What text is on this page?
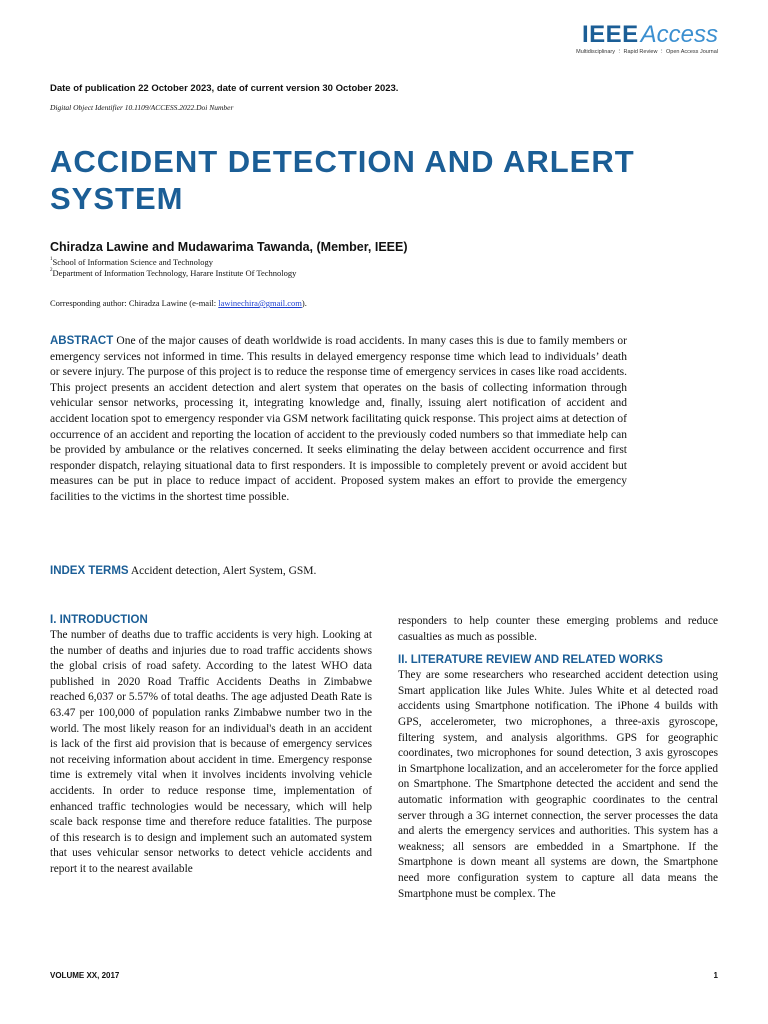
IEEEAccess
Multidisciplinary ⋮ Rapid Review ⋮ Open Access Journal
Date of publication 22 October 2023, date of current version 30 October 2023.
Digital Object Identifier 10.1109/ACCESS.2022.Doi Number
ACCIDENT DETECTION AND ARLERT SYSTEM
Chiradza Lawine and Mudawarima Tawanda, (Member, IEEE)
$^1$School of Information Science and Technology
$^2$Department of Information Technology, Harare Institute Of Technology
Corresponding author: Chiradza Lawine (e-mail: lawinechira@gmail.com).

ABSTRACT One of the major causes of death worldwide is road accidents. In many cases this is due to family members or emergency services not informed in time. This results in delayed emergency response time which lead to individuals’ death or severe injury. The purpose of this project is to reduce the response time of emergency services in cases like road accidents. This project presents an accident detection and alert system that operates on the basis of collecting information through vehicular sensor networks, processing it, integrating knowledge and, finally, issuing alert notification of accident and accident location spot to emergency responder via GSM network facilitating quick response. This project aims at detection of occurrence of an accident and reporting the location of accident to the previously coded numbers so that immediate help can be provided by ambulance or the relatives concerned. It seeks eliminating the delay between accident occurrence and first responder dispatch, relaying situational data to first responders. It is impossible to completely prevent or avoid accident but measures can be put in place to reduce impact of accident. Proposed system makes an effort to provide the emergency facilities to the victims in the shortest time possible.

INDEX TERMS Accident detection, Alert System, GSM.
I. INTRODUCTION

The number of deaths due to traffic accidents is very high. Looking at the number of deaths and injuries due to road traffic accidents shows the global crisis of road safety. According to the latest WHO data published in 2020 Road Traffic Accidents Deaths in Zimbabwe reached 6,037 or 5.57% of total deaths. The age adjusted Death Rate is 63.47 per 100,000 of population ranks Zimbabwe number two in the world. The most likely reason for an individual's death in an accident is lack of the first aid provision that is because of emergency services not receiving information about accident in time. Emergency response time is extremely vital when it involves incidents involving vehicle accidents. In order to reduce response time, implementation of enhanced traffic technologies would be necessary, which will help scale back response time and therefore reduce fatalities. The purpose of this research is to design and implement such an automated system that uses vehicular sensor networks to detect vehicle accidents and report it to the nearest available

responders to help counter these emerging problems and reduce casualties as much as possible.

II. LITERATURE REVIEW AND RELATED WORKS

They are some researchers who researched accident detection using Smart application like Jules White. Jules White et al detected road accidents using Smartphone notification. The iPhone 4 builds with GPS, accelerometer, two microphones, a three-axis gyroscope, filtering system, and analysis algorithms. GPS for geographic coordinates, two microphones for sound detection, 3 axis gyroscopes in Smartphone localization, and an accelerometer for the force applied on Smartphone. The Smartphone detected the accident and send the automatic information with geographic coordinates to the central server through a 3G internet connection, the server processes the data and alerts the emergency services and authorities. This system has a weakness; all sensors are embedded in a Smartphone. If the Smartphone is down meant all systems are down, the Smartphone need more configuration system to capture all data means the Smartphone must be complex. The

VOLUME XX, 2017	1
